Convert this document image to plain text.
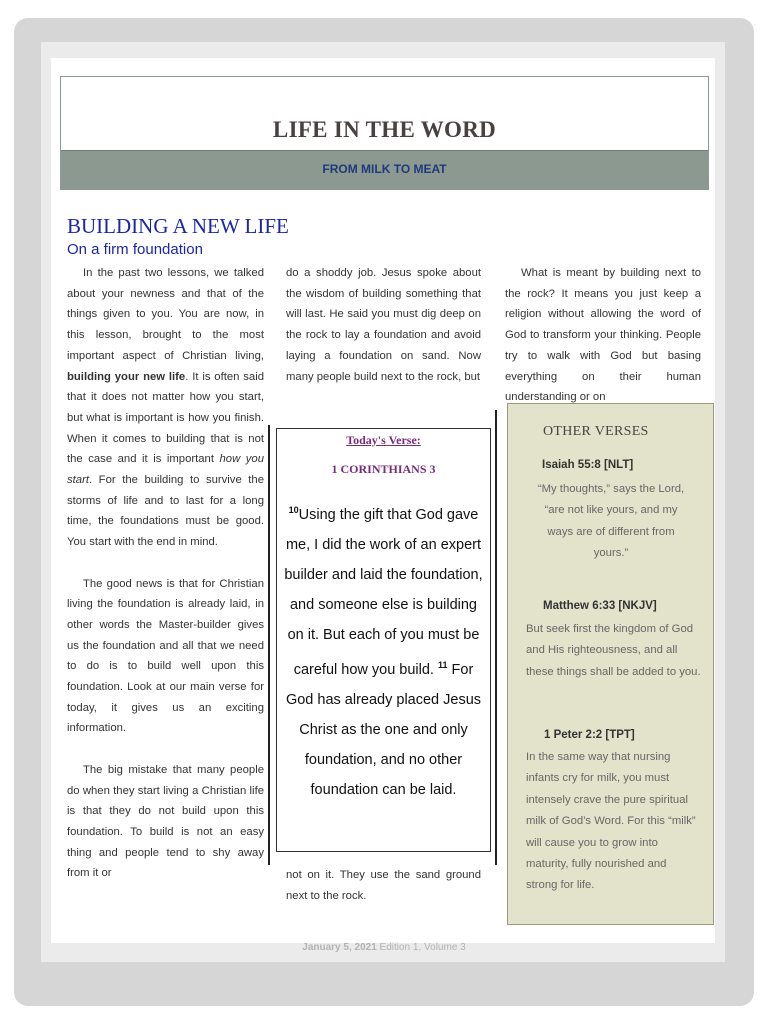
LIFE IN THE WORD
FROM MILK TO MEAT
BUILDING A NEW LIFE
On a firm foundation

In the past two lessons, we talked about your newness and that of the things given to you. You are now, in this lesson, brought to the most important aspect of Christian living, building your new life. It is often said that it does not matter how you start, but what is important is how you finish. When it comes to building that is not the case and it is important how you start. For the building to survive the storms of life and to last for a long time, the foundations must be good. You start with the end in mind.

The good news is that for Christian living the foundation is already laid, in other words the Master-builder gives us the foundation and all that we need to do is to build well upon this foundation. Look at our main verse for today, it gives us an exciting information.

The big mistake that many people do when they start living a Christian life is that they do not build upon this foundation. To build is not an easy thing and people tend to shy away from it or

do a shoddy job. Jesus spoke about the wisdom of building something that will last. He said you must dig deep on the rock to lay a foundation and avoid laying a foundation on sand. Now many people build next to the rock, but

Today's Verse:
1 CORINTHIANS 3
$^{10}$Using the gift that God gave me, I did the work of an expert builder and laid the foundation, and someone else is building on it. But each of you must be careful how you build. $^{11}$ For God has already placed Jesus Christ as the one and only foundation, and no other foundation can be laid.

not on it. They use the sand ground next to the rock.

What is meant by building next to the rock? It means you just keep a religion without allowing the word of God to transform your thinking. People try to walk with God but basing everything on their human understanding or on

OTHER VERSES
Isaiah 55:8 [NLT]
“My thoughts,” says the Lord, “are not like yours, and my ways are of different from yours.”
Matthew 6:33 [NKJV]
But seek first the kingdom of God and His righteousness, and all these things shall be added to you.
1 Peter 2:2 [TPT]
In the same way that nursing infants cry for milk, you must intensely crave the pure spiritual milk of God’s Word. For this “milk” will cause you to grow into maturity, fully nourished and strong for life.
January 5, 2021 Edition 1, Volume 3
